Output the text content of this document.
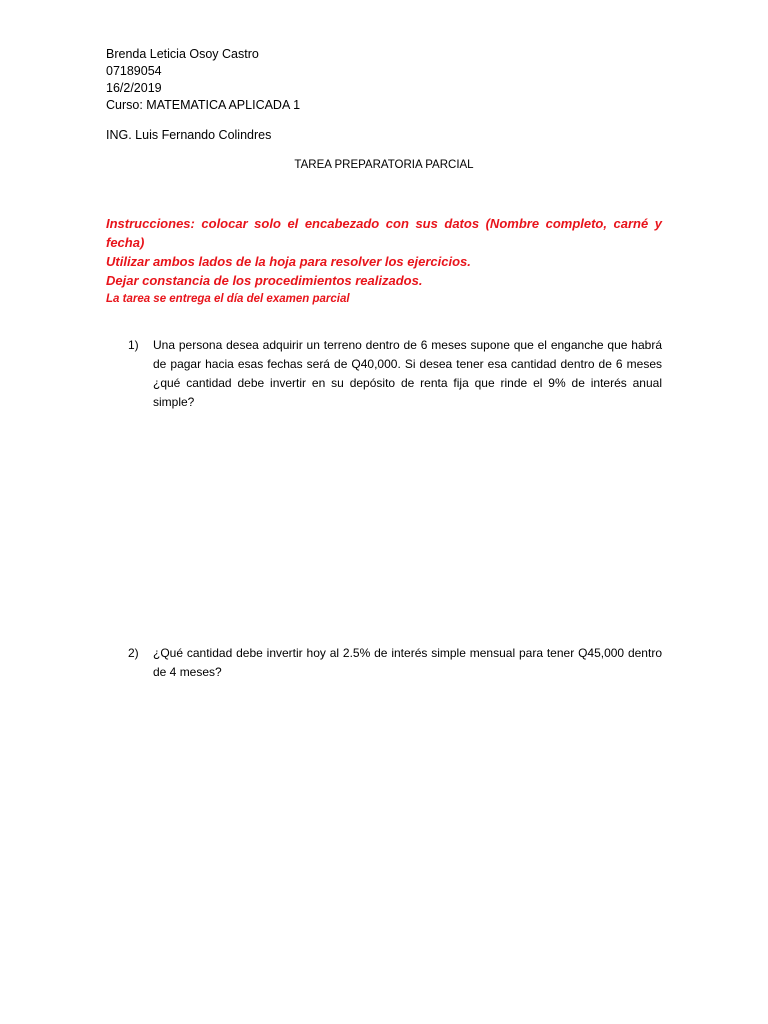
Brenda Leticia Osoy Castro
07189054
16/2/2019
Curso: MATEMATICA APLICADA 1
ING. Luis Fernando Colindres
TAREA PREPARATORIA PARCIAL
Instrucciones: colocar solo el encabezado con sus datos (Nombre completo, carné y fecha)
Utilizar ambos lados de la hoja para resolver los ejercicios.
Dejar constancia de los procedimientos realizados.
La tarea se entrega el día del examen parcial
1)	Una persona desea adquirir un terreno dentro de 6 meses supone que el enganche que habrá de pagar hacia esas fechas será de Q40,000. Si desea tener esa cantidad dentro de 6 meses ¿qué cantidad debe invertir en su depósito de renta fija que rinde el 9% de interés anual simple?
2)	¿Qué cantidad debe invertir hoy al 2.5% de interés simple mensual para tener Q45,000 dentro de 4 meses?
